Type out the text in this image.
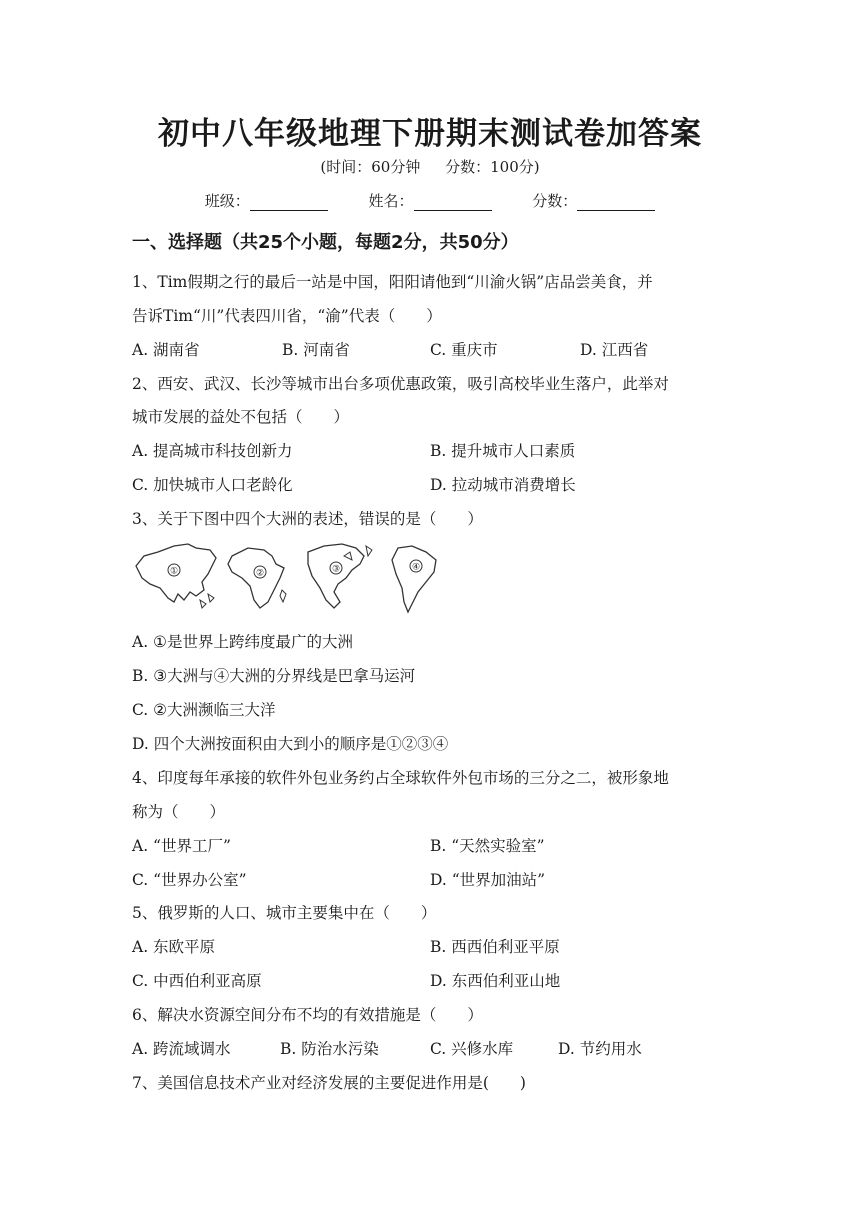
初中八年级地理下册期末测试卷加答案
(时间：60分钟 分数：100分)
班级：	姓名：	分数：
一、选择题（共25个小题，每题2分，共50分）
1、Tim假期之行的最后一站是中国，阳阳请他到“川渝火锅”店品尝美食，并
告诉Tim“川”代表四川省，“渝”代表（　　）
A. 湖南省	B. 河南省	C. 重庆市	D. 江西省
2、西安、武汉、长沙等城市出台多项优惠政策，吸引高校毕业生落户，此举对
城市发展的益处不包括（　　）
A. 提高城市科技创新力	B. 提升城市人口素质
C. 加快城市人口老龄化	D. 拉动城市消费增长
3、关于下图中四个大洲的表述，错误的是（　　）
①	②	③	④
A. ①是世界上跨纬度最广的大洲
B. ③大洲与④大洲的分界线是巴拿马运河
C. ②大洲濒临三大洋
D. 四个大洲按面积由大到小的顺序是①②③④
4、印度每年承接的软件外包业务约占全球软件外包市场的三分之二，被形象地
称为（　　）
A. “世界工厂”	B. “天然实验室”
C. “世界办公室”	D. “世界加油站”
5、俄罗斯的人口、城市主要集中在（　　）
A. 东欧平原	B. 西西伯利亚平原
C. 中西伯利亚高原	D. 东西伯利亚山地
6、解决水资源空间分布不均的有效措施是（　　）
A. 跨流域调水	B. 防治水污染	C. 兴修水库	D. 节约用水
7、美国信息技术产业对经济发展的主要促进作用是(　　)
